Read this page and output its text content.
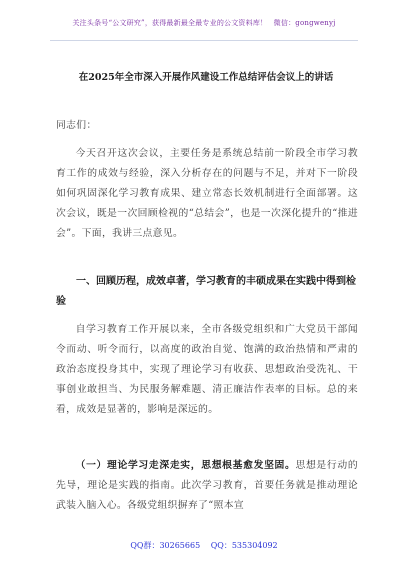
关注头条号“公文研究”，获得最新最全最专业的公文资料库！ 微信：gongwenyj
在2025年全市深入开展作风建设工作总结评估会议上的讲话
同志们：
今天召开这次会议，主要任务是系统总结前一阶段全市学习教育工作的成效与经验，深入分析存在的问题与不足，并对下一阶段如何巩固深化学习教育成果、建立常态长效机制进行全面部署。这次会议，既是一次回顾检视的“总结会”，也是一次深化提升的“推进会”。下面，我讲三点意见。
一、回顾历程，成效卓著，学习教育的丰硕成果在实践中得到检验
自学习教育工作开展以来，全市各级党组织和广大党员干部闻令而动、听令而行，以高度的政治自觉、饱满的政治热情和严肃的政治态度投身其中，实现了理论学习有收获、思想政治受洗礼、干事创业敢担当、为民服务解难题、清正廉洁作表率的目标。总的来看，成效是显著的，影响是深远的。
（一）理论学习走深走实，思想根基愈发坚固。思想是行动的先导，理论是实践的指南。此次学习教育，首要任务就是推动理论武装入脑入心。各级党组织摒弃了“照本宣
QQ群：30265665 QQ：535304092
